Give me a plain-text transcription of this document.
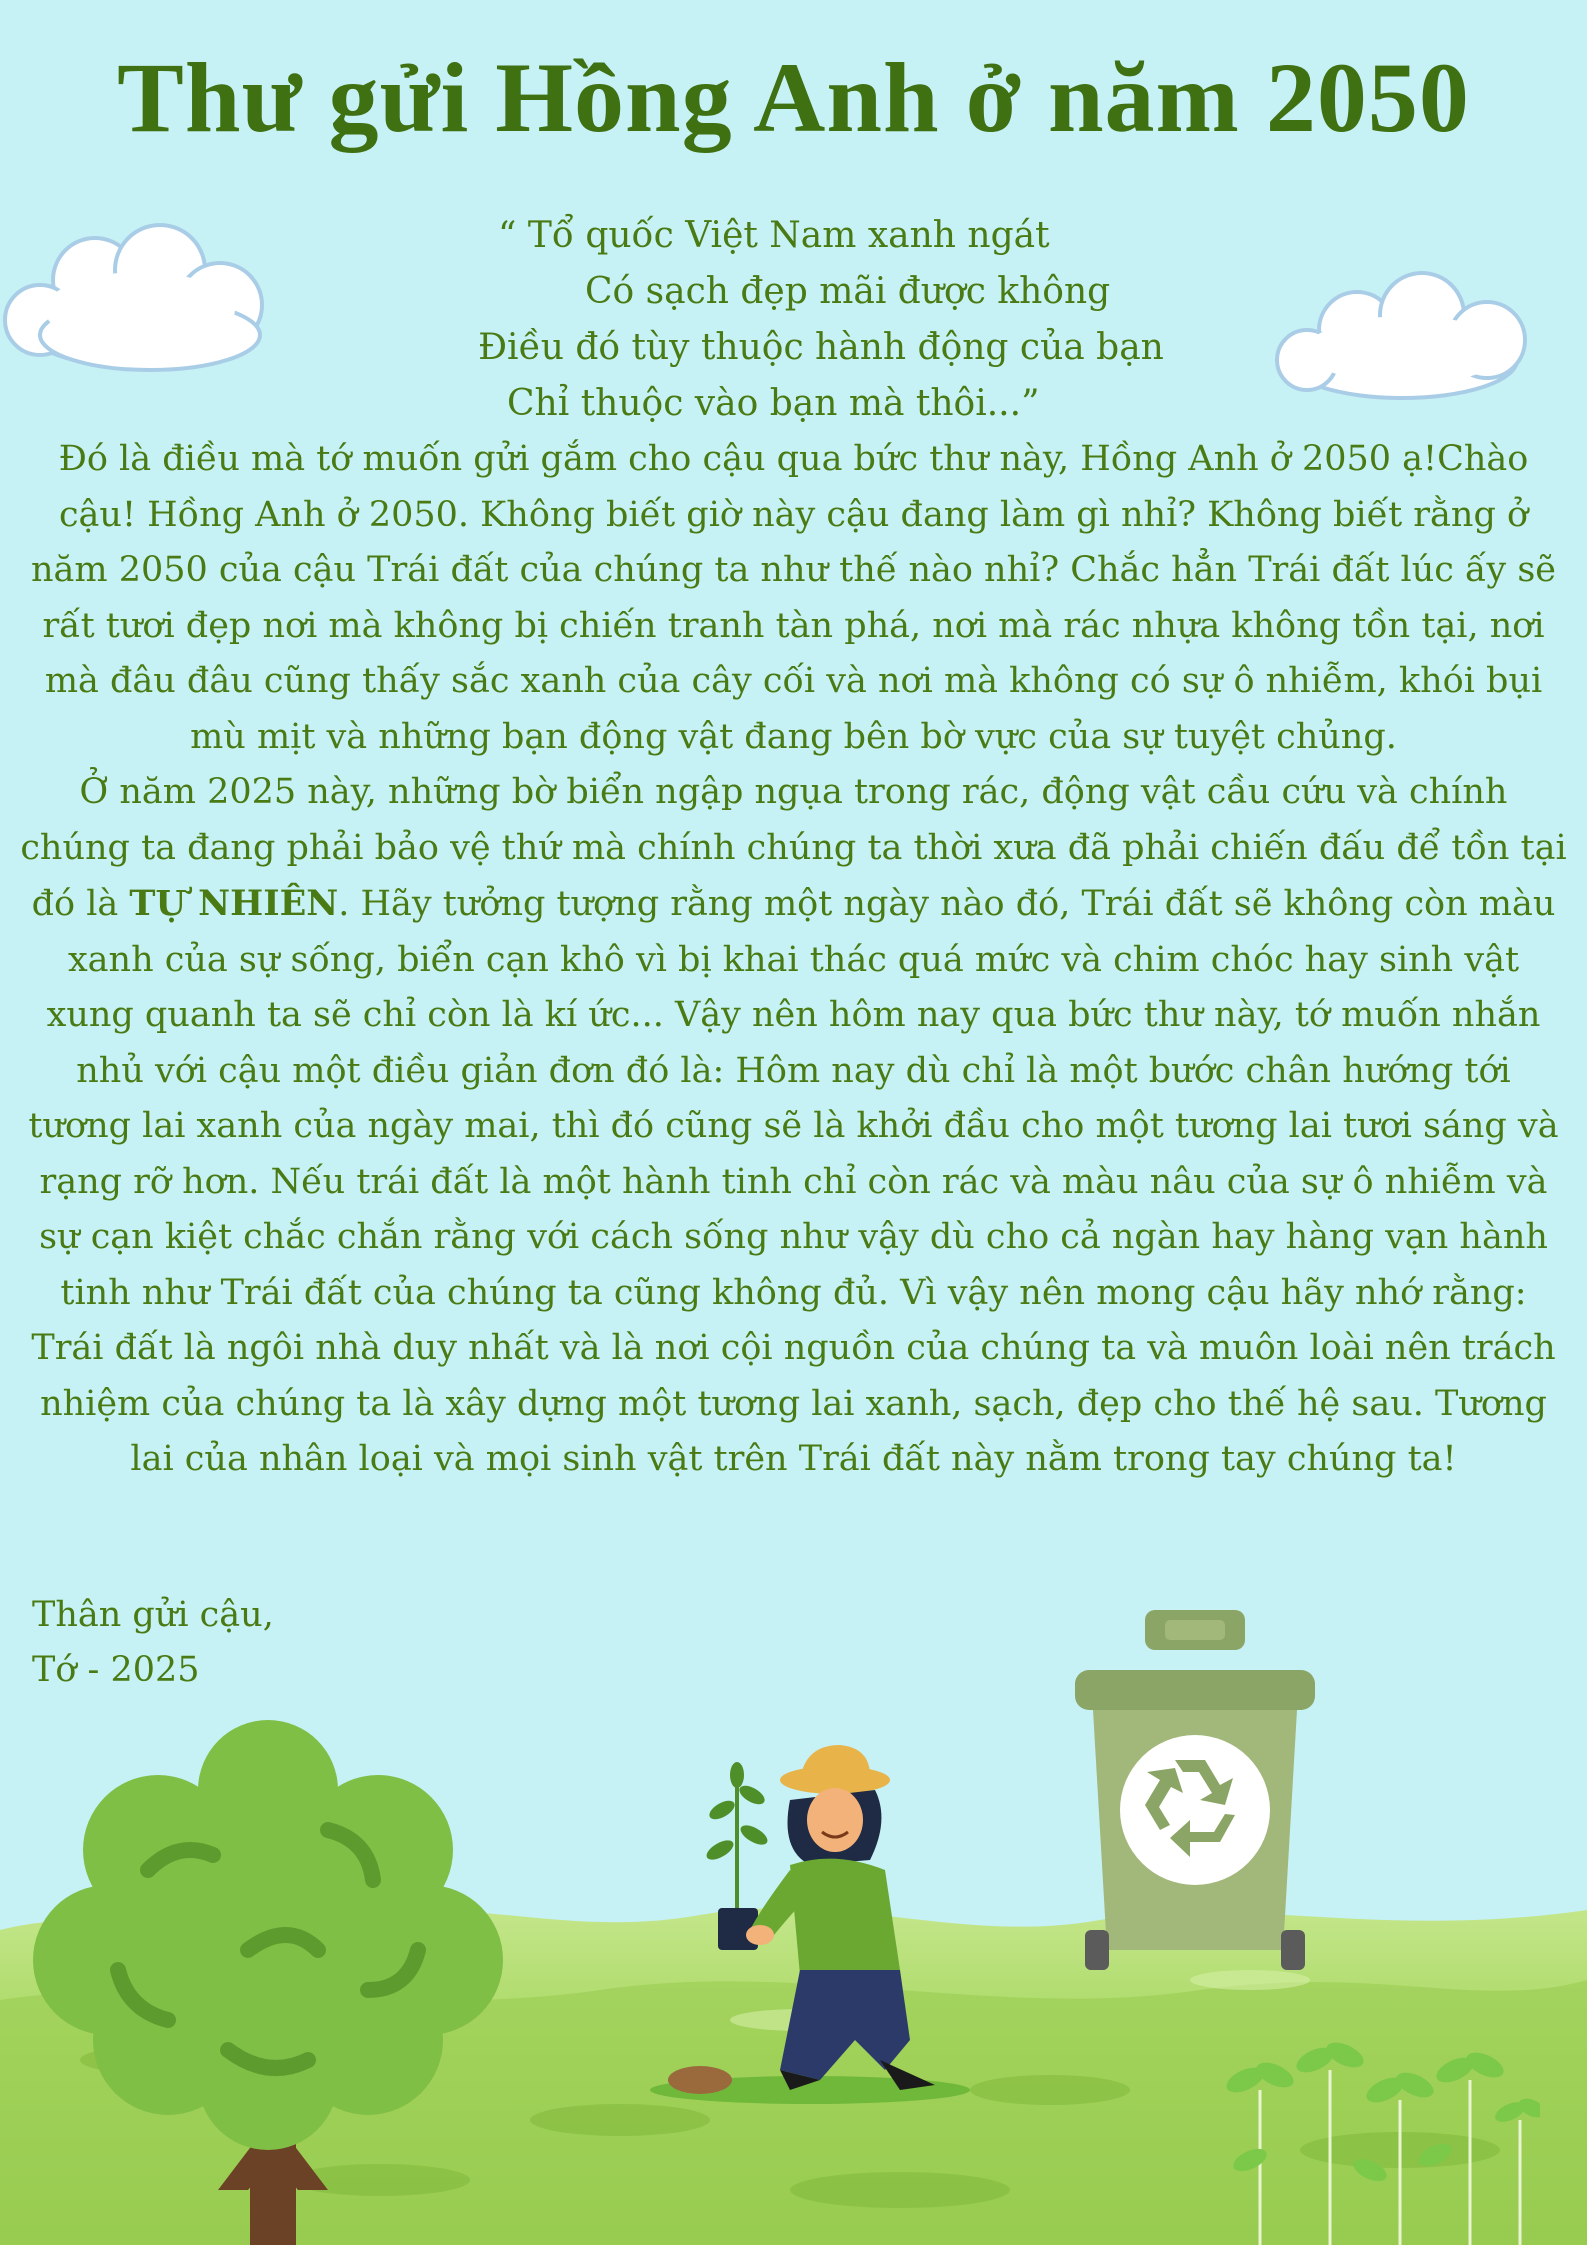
Thư gửi Hồng Anh ở năm 2050
“ Tổ quốc Việt Nam xanh ngát
Có sạch đẹp mãi được không
Điều đó tùy thuộc hành động của bạn
Chỉ thuộc vào bạn mà thôi...”

Đó là điều mà tớ muốn gửi gắm cho cậu qua bức thư này, Hồng Anh ở 2050 ạ!Chào cậu! Hồng Anh ở 2050. Không biết giờ này cậu đang làm gì nhỉ? Không biết rằng ở năm 2050 của cậu Trái đất của chúng ta như thế nào nhỉ? Chắc hẳn Trái đất lúc ấy sẽ rất tươi đẹp nơi mà không bị chiến tranh tàn phá, nơi mà rác nhựa không tồn tại, nơi mà đâu đâu cũng thấy sắc xanh của cây cối và nơi mà không có sự ô nhiễm, khói bụi mù mịt và những bạn động vật đang bên bờ vực của sự tuyệt chủng.

Ở năm 2025 này, những bờ biển ngập ngụa trong rác, động vật cầu cứu và chính chúng ta đang phải bảo vệ thứ mà chính chúng ta thời xưa đã phải chiến đấu để tồn tại đó là TỰ NHIÊN. Hãy tưởng tượng rằng một ngày nào đó, Trái đất sẽ không còn màu xanh của sự sống, biển cạn khô vì bị khai thác quá mức và chim chóc hay sinh vật xung quanh ta sẽ chỉ còn là kí ức... Vậy nên hôm nay qua bức thư này, tớ muốn nhắn nhủ với cậu một điều giản đơn đó là: Hôm nay dù chỉ là một bước chân hướng tới tương lai xanh của ngày mai, thì đó cũng sẽ là khởi đầu cho một tương lai tươi sáng và rạng rỡ hơn. Nếu trái đất là một hành tinh chỉ còn rác và màu nâu của sự ô nhiễm và sự cạn kiệt chắc chắn rằng với cách sống như vậy dù cho cả ngàn hay hàng vạn hành tinh như Trái đất của chúng ta cũng không đủ. Vì vậy nên mong cậu hãy nhớ rằng: Trái đất là ngôi nhà duy nhất và là nơi cội nguồn của chúng ta và muôn loài nên trách nhiệm của chúng ta là xây dựng một tương lai xanh, sạch, đẹp cho thế hệ sau. Tương lai của nhân loại và mọi sinh vật trên Trái đất này nằm trong tay chúng ta!

Thân gửi cậu,
Tớ - 2025
